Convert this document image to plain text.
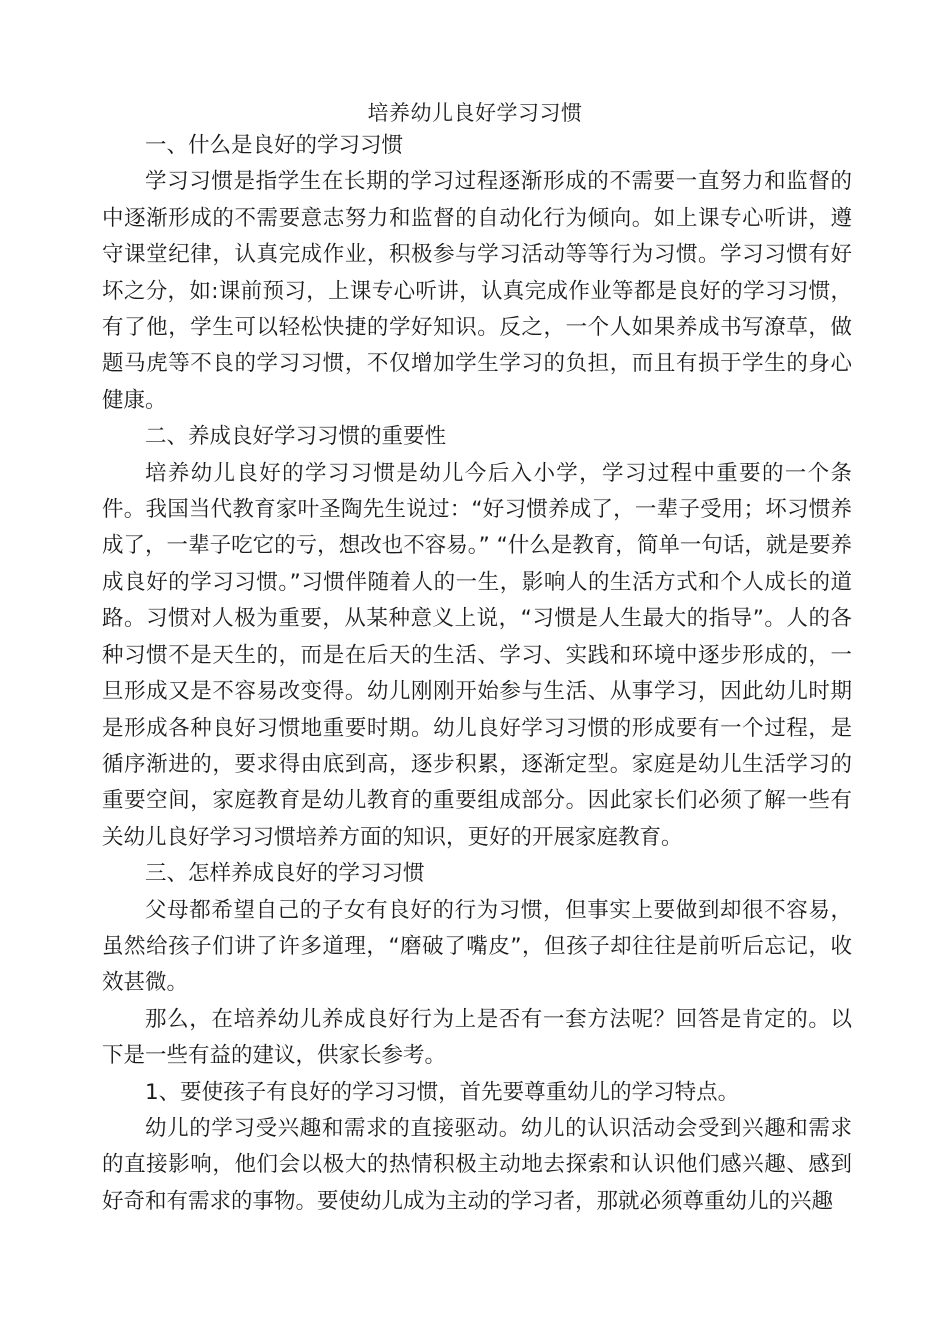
培养幼儿良好学习习惯

一、什么是良好的学习习惯

学习习惯是指学生在长期的学习过程逐渐形成的不需要一直努力和监督的中逐渐形成的不需要意志努力和监督的自动化行为倾向。如上课专心听讲，遵守课堂纪律，认真完成作业，积极参与学习活动等等行为习惯。学习习惯有好坏之分，如:课前预习，上课专心听讲，认真完成作业等都是良好的学习习惯，有了他，学生可以轻松快捷的学好知识。反之，一个人如果养成书写潦草，做题马虎等不良的学习习惯，不仅增加学生学习的负担，而且有损于学生的身心健康。

二、养成良好学习习惯的重要性

培养幼儿良好的学习习惯是幼儿今后入小学，学习过程中重要的一个条件。我国当代教育家叶圣陶先生说过：“好习惯养成了，一辈子受用；坏习惯养成了，一辈子吃它的亏，想改也不容易。” “什么是教育，简单一句话，就是要养成良好的学习习惯。”习惯伴随着人的一生，影响人的生活方式和个人成长的道路。习惯对人极为重要，从某种意义上说，“习惯是人生最大的指导”。人的各种习惯不是天生的，而是在后天的生活、学习、实践和环境中逐步形成的，一旦形成又是不容易改变得。幼儿刚刚开始参与生活、从事学习，因此幼儿时期是形成各种良好习惯地重要时期。幼儿良好学习习惯的形成要有一个过程，是循序渐进的，要求得由底到高，逐步积累，逐渐定型。家庭是幼儿生活学习的重要空间，家庭教育是幼儿教育的重要组成部分。因此家长们必须了解一些有关幼儿良好学习习惯培养方面的知识，更好的开展家庭教育。

三、怎样养成良好的学习习惯

父母都希望自己的子女有良好的行为习惯，但事实上要做到却很不容易，虽然给孩子们讲了许多道理，“磨破了嘴皮”，但孩子却往往是前听后忘记，收效甚微。

那么，在培养幼儿养成良好行为上是否有一套方法呢？回答是肯定的。以下是一些有益的建议，供家长参考。

1、要使孩子有良好的学习习惯，首先要尊重幼儿的学习特点。

幼儿的学习受兴趣和需求的直接驱动。幼儿的认识活动会受到兴趣和需求的直接影响，他们会以极大的热情积极主动地去探索和认识他们感兴趣、感到好奇和有需求的事物。要使幼儿成为主动的学习者，那就必须尊重幼儿的兴趣
